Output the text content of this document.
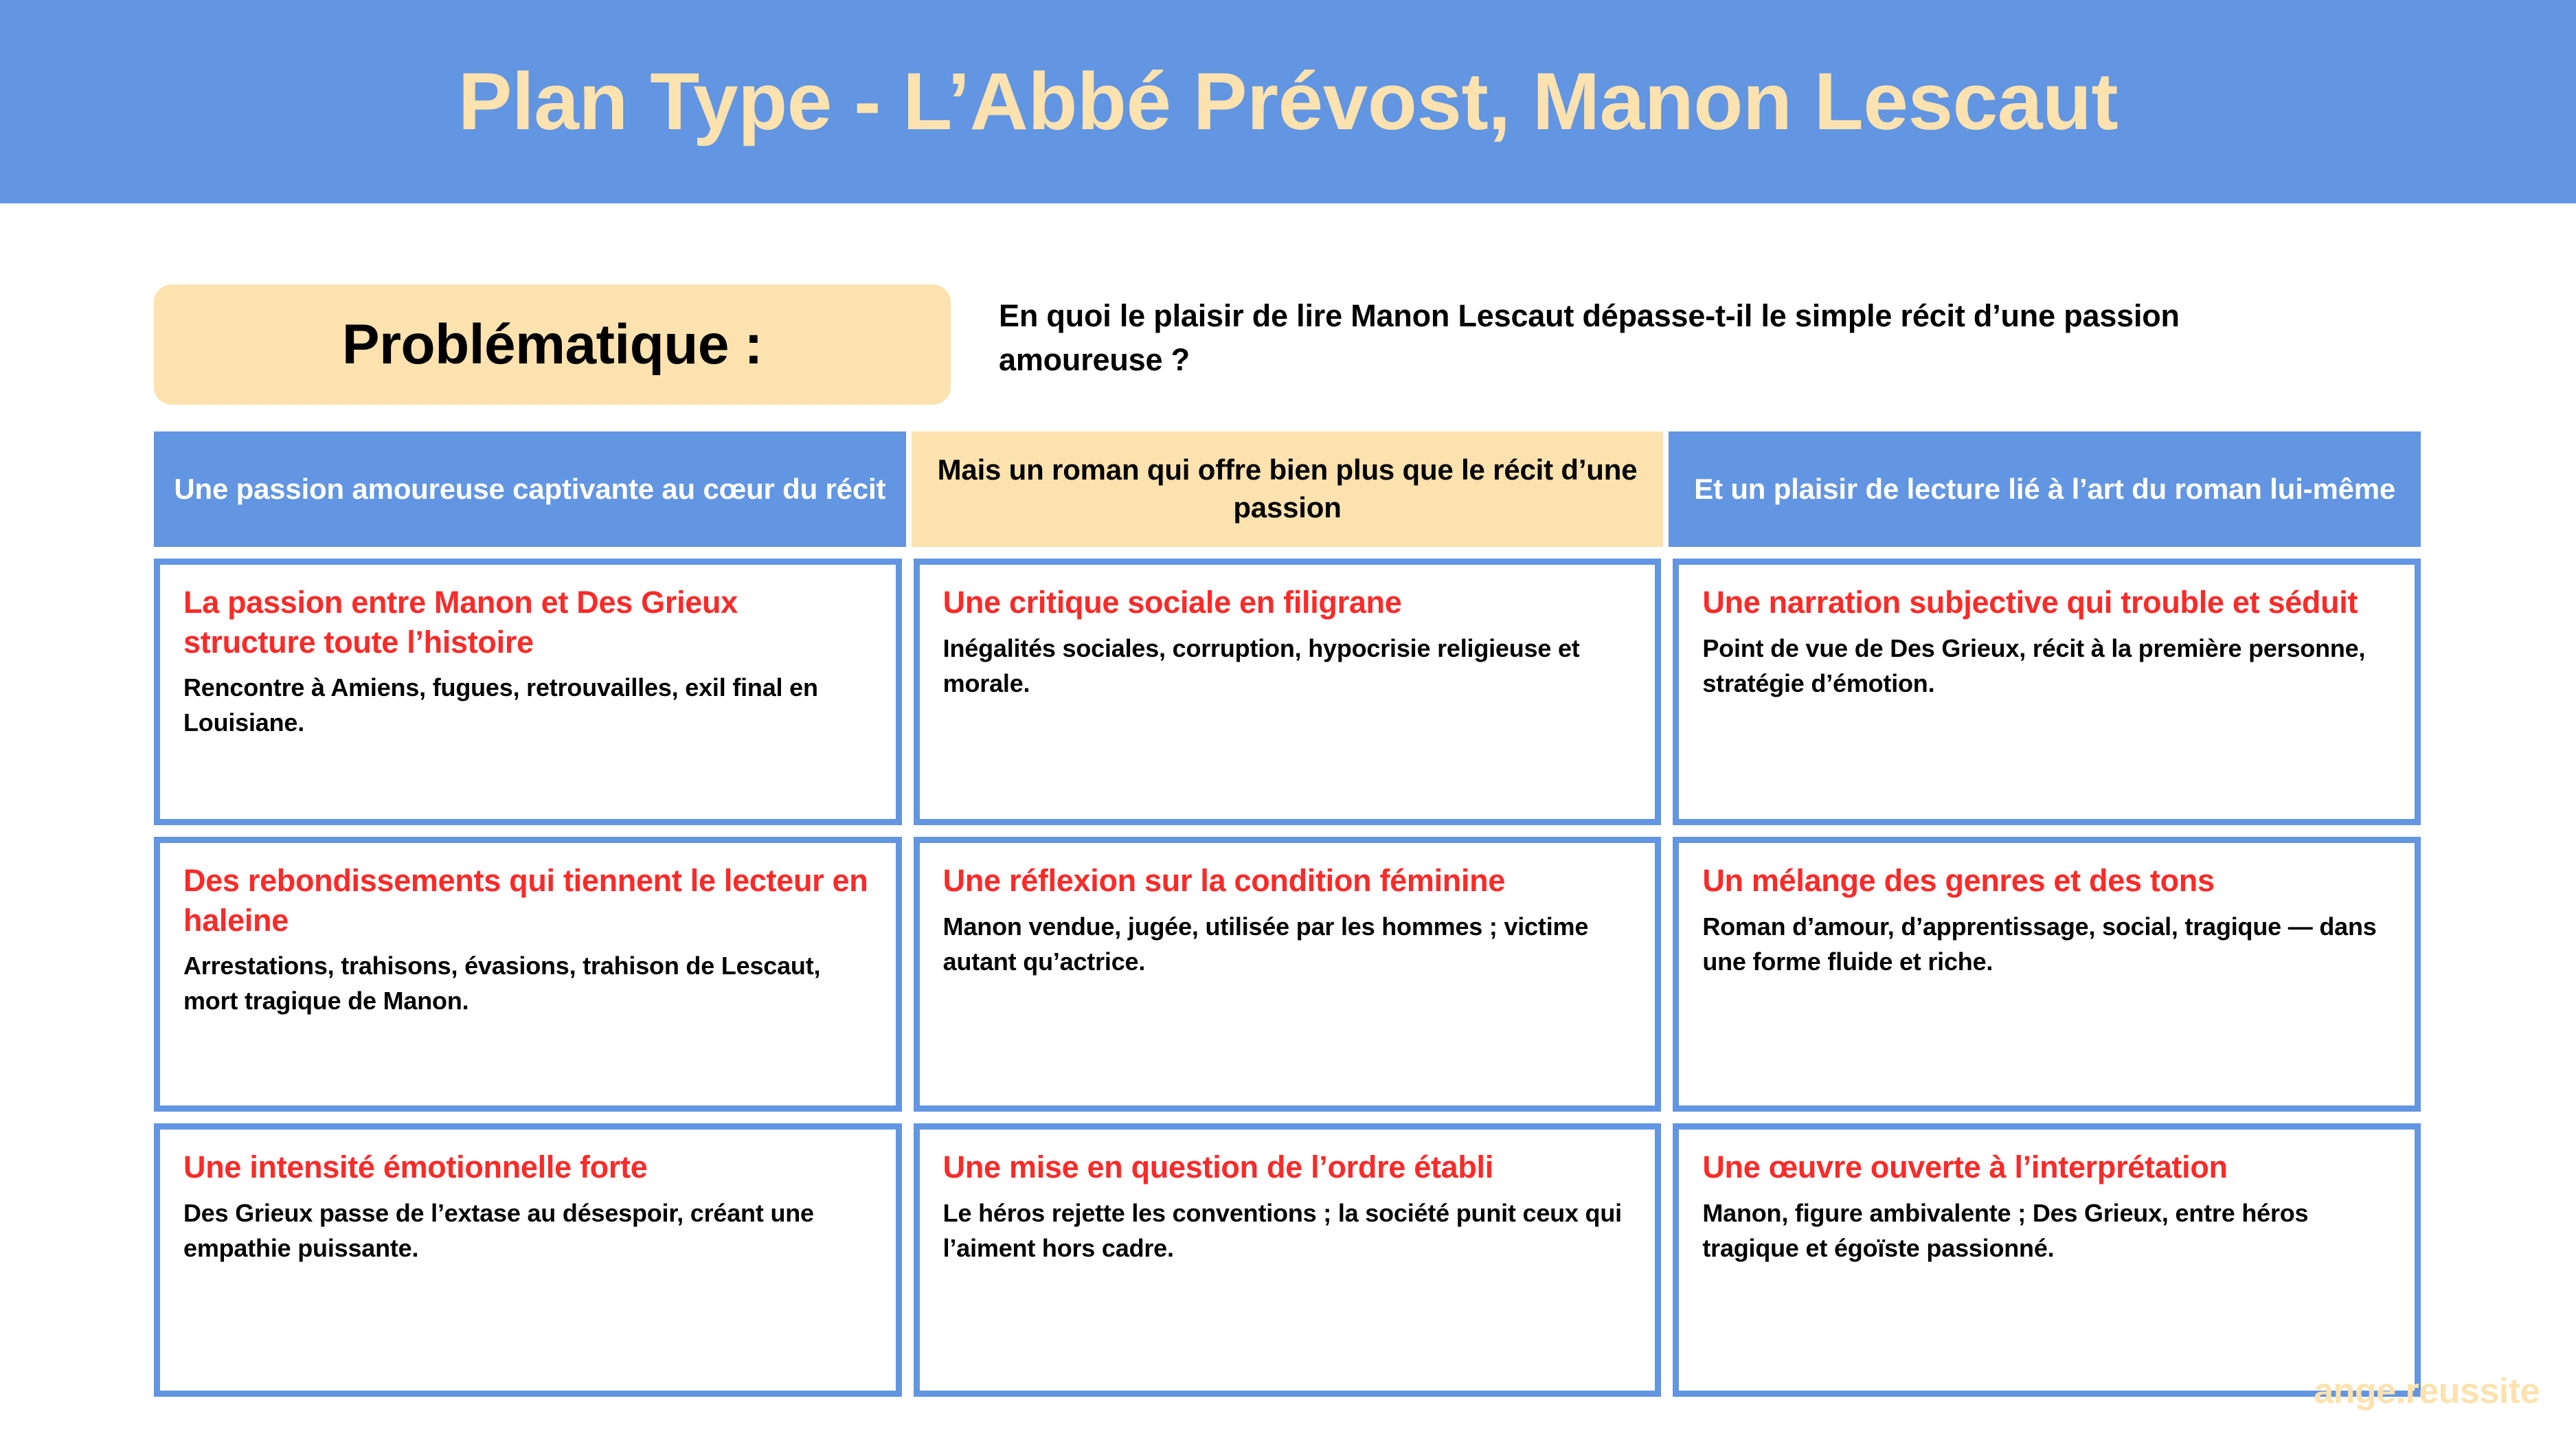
Plan Type - L’Abbé Prévost, Manon Lescaut
Problématique :	En quoi le plaisir de lire Manon Lescaut dépasse-t-il le simple récit d’une passion amoureuse ?
Une passion amoureuse captivante au cœur du récit
Mais un roman qui offre bien plus que le récit d’une passion
Et un plaisir de lecture lié à l’art du roman lui-même
La passion entre Manon et Des Grieux structure toute l’histoire
Rencontre à Amiens, fugues, retrouvailles, exil final en Louisiane.
Une critique sociale en filigrane
Inégalités sociales, corruption, hypocrisie religieuse et morale.
Une narration subjective qui trouble et séduit
Point de vue de Des Grieux, récit à la première personne, stratégie d’émotion.
Des rebondissements qui tiennent le lecteur en haleine
Arrestations, trahisons, évasions, trahison de Lescaut, mort tragique de Manon.
Une réflexion sur la condition féminine
Manon vendue, jugée, utilisée par les hommes ; victime autant qu’actrice.
Un mélange des genres et des tons
Roman d’amour, d’apprentissage, social, tragique — dans une forme fluide et riche.
Une intensité émotionnelle forte
Des Grieux passe de l’extase au désespoir, créant une empathie puissante.
Une mise en question de l’ordre établi
Le héros rejette les conventions ; la société punit ceux qui l’aiment hors cadre.
Une œuvre ouverte à l’interprétation
Manon, figure ambivalente ; Des Grieux, entre héros tragique et égoïste passionné.
ange.reussite
